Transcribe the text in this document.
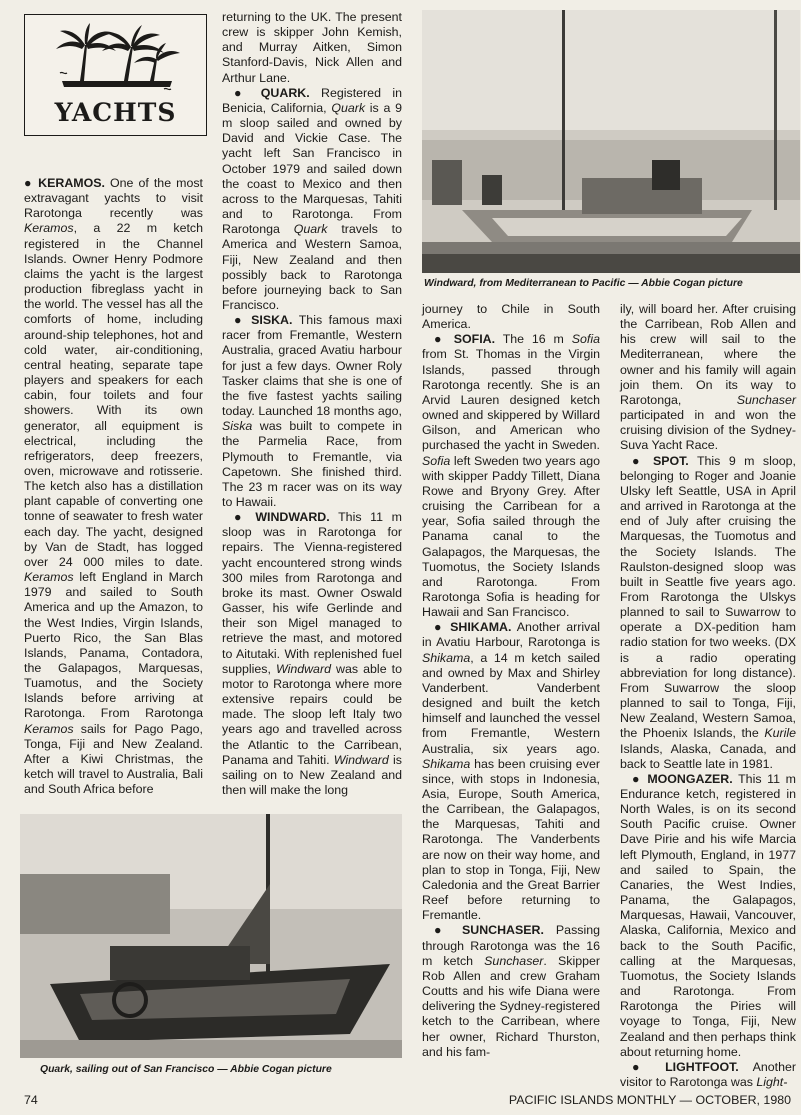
YACHTS

● KERAMOS. One of the most extravagant yachts to visit Rarotonga recently was Keramos, a 22 m ketch registered in the Channel Islands. Owner Henry Podmore claims the yacht is the largest production fibreglass yacht in the world. The vessel has all the comforts of home, including around-ship telephones, hot and cold water, air-conditioning, central heating, separate tape players and speakers for each cabin, four toilets and four showers. With its own generator, all equipment is electrical, including the refrigerators, deep freezers, oven, microwave and rotisserie. The ketch also has a distillation plant capable of converting one tonne of seawater to fresh water each day. The yacht, designed by Van de Stadt, has logged over 24 000 miles to date. Keramos left England in March 1979 and sailed to South America and up the Amazon, to the West Indies, Virgin Islands, Puerto Rico, the San Blas Islands, Panama, Contadora, the Galapagos, Marquesas, Tuamotus, and the Society Islands before arriving at Rarotonga. From Rarotonga Keramos sails for Pago Pago, Tonga, Fiji and New Zealand. After a Kiwi Christmas, the ketch will travel to Australia, Bali and South Africa before

returning to the UK. The present crew is skipper John Kemish, and Murray Aitken, Simon Stanford-Davis, Nick Allen and Arthur Lane.

● QUARK. Registered in Benicia, California, Quark is a 9 m sloop sailed and owned by David and Vickie Case. The yacht left San Francisco in October 1979 and sailed down the coast to Mexico and then across to the Marquesas, Tahiti and to Rarotonga. From Rarotonga Quark travels to America and Western Samoa, Fiji, New Zealand and then possibly back to Rarotonga before journeying back to San Francisco.

● SISKA. This famous maxi racer from Fremantle, Western Australia, graced Avatiu harbour for just a few days. Owner Roly Tasker claims that she is one of the five fastest yachts sailing today. Launched 18 months ago, Siska was built to compete in the Parmelia Race, from Plymouth to Fremantle, via Capetown. She finished third. The 23 m racer was on its way to Hawaii.

● WINDWARD. This 11 m sloop was in Rarotonga for repairs. The Vienna-registered yacht encountered strong winds 300 miles from Rarotonga and broke its mast. Owner Oswald Gasser, his wife Gerlinde and their son Migel managed to retrieve the mast, and motored to Aitutaki. With replenished fuel supplies, Windward was able to motor to Rarotonga where more extensive repairs could be made. The sloop left Italy two years ago and travelled across the Atlantic to the Carribean, Panama and Tahiti. Windward is sailing on to New Zealand and then will make the long

Windward, from Mediterranean to Pacific — Abbie Cogan picture

journey to Chile in South America.

● SOFIA. The 16 m Sofia from St. Thomas in the Virgin Islands, passed through Rarotonga recently. She is an Arvid Lauren designed ketch owned and skippered by Willard Gilson, and American who purchased the yacht in Sweden. Sofia left Sweden two years ago with skipper Paddy Tillett, Diana Rowe and Bryony Grey. After cruising the Carribean for a year, Sofia sailed through the Panama canal to the Galapagos, the Marquesas, the Tuomotus, the Society Islands and Rarotonga. From Rarotonga Sofia is heading for Hawaii and San Francisco.

● SHIKAMA. Another arrival in Avatiu Harbour, Rarotonga is Shikama, a 14 m ketch sailed and owned by Max and Shirley Vanderbent. Vanderbent designed and built the ketch himself and launched the vessel from Fremantle, Western Australia, six years ago. Shikama has been cruising ever since, with stops in Indonesia, Asia, Europe, South America, the Carribean, the Galapagos, the Marquesas, Tahiti and Rarotonga. The Vanderbents are now on their way home, and plan to stop in Tonga, Fiji, New Caledonia and the Great Barrier Reef before returning to Fremantle.

● SUNCHASER. Passing through Rarotonga was the 16 m ketch Sunchaser. Skipper Rob Allen and crew Graham Coutts and his wife Diana were delivering the Sydney-registered ketch to the Carribean, where her owner, Richard Thurston, and his fam-

ily, will board her. After cruising the Carribean, Rob Allen and his crew will sail to the Mediterranean, where the owner and his family will again join them. On its way to Rarotonga, Sunchaser participated in and won the cruising division of the Sydney-Suva Yacht Race.

● SPOT. This 9 m sloop, belonging to Roger and Joanie Ulsky left Seattle, USA in April and arrived in Rarotonga at the end of July after cruising the Marquesas, the Tuomotus and the Society Islands. The Raulston-designed sloop was built in Seattle five years ago. From Rarotonga the Ulskys planned to sail to Suwarrow to operate a DX-pedition ham radio station for two weeks. (DX is a radio operating abbreviation for long distance). From Suwarrow the sloop planned to sail to Tonga, Fiji, New Zealand, Western Samoa, the Phoenix Islands, the Kurile Islands, Alaska, Canada, and back to Seattle late in 1981.

● MOONGAZER. This 11 m Endurance ketch, registered in North Wales, is on its second South Pacific cruise. Owner Dave Pirie and his wife Marcia left Plymouth, England, in 1977 and sailed to Spain, the Canaries, the West Indies, Panama, the Galapagos, Marquesas, Hawaii, Vancouver, Alaska, California, Mexico and back to the South Pacific, calling at the Marquesas, Tuomotus, the Society Islands and Rarotonga. From Rarotonga the Piries will voyage to Tonga, Fiji, New Zealand and then perhaps think about returning home.

● LIGHTFOOT. Another visitor to Rarotonga was Light-

Quark, sailing out of San Francisco — Abbie Cogan picture
74	PACIFIC ISLANDS MONTHLY — OCTOBER, 1980
